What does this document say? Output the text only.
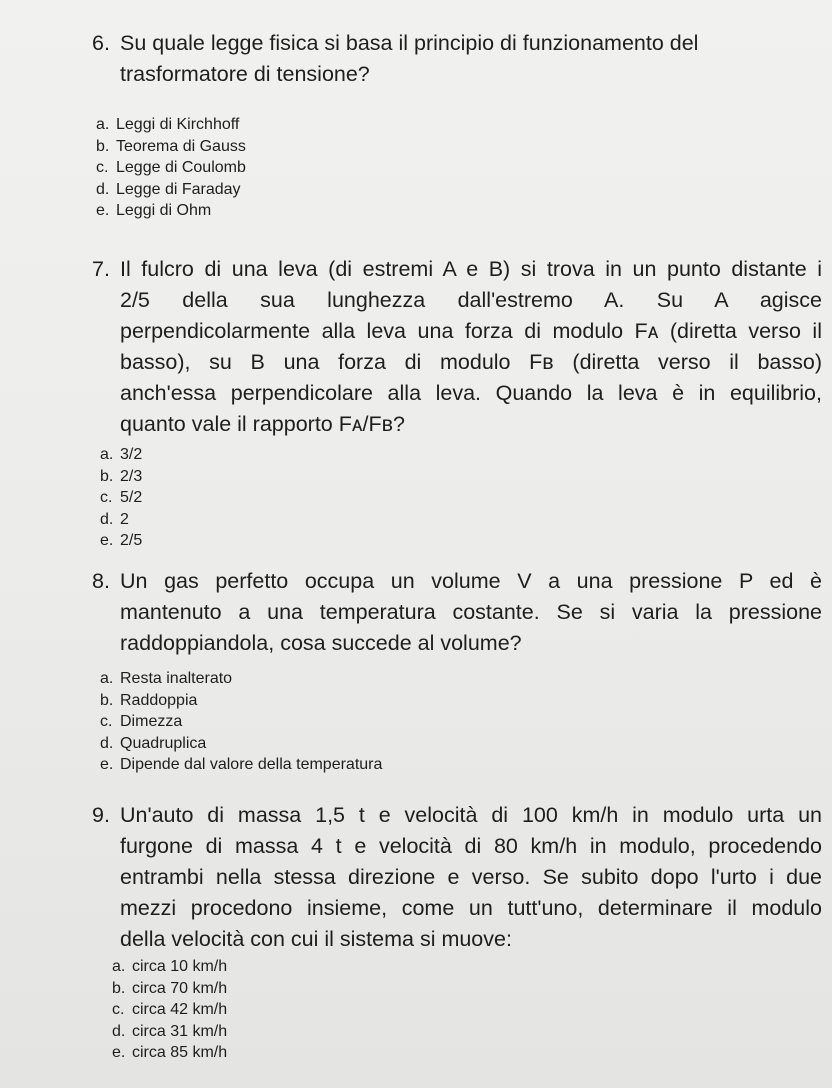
6. Su quale legge fisica si basa il principio di funzionamento del
trasformatore di tensione?
a. Leggi di Kirchhoff
b. Teorema di Gauss
c. Legge di Coulomb
d. Legge di Faraday
e. Leggi di Ohm
7. Il fulcro di una leva (di estremi A e B) si trova in un punto distante i
2/5 della sua lunghezza dall'estremo A. Su A agisce
perpendicolarmente alla leva una forza di modulo Fᴀ (diretta verso il
basso), su B una forza di modulo Fʙ (diretta verso il basso)
anch'essa perpendicolare alla leva. Quando la leva è in equilibrio,
quanto vale il rapporto Fᴀ/Fʙ?
a. 3/2
b. 2/3
c. 5/2
d. 2
e. 2/5
8. Un gas perfetto occupa un volume V a una pressione P ed è
mantenuto a una temperatura costante. Se si varia la pressione
raddoppiandola, cosa succede al volume?
a. Resta inalterato
b. Raddoppia
c. Dimezza
d. Quadruplica
e. Dipende dal valore della temperatura
9. Un'auto di massa 1,5 t e velocità di 100 km/h in modulo urta un
furgone di massa 4 t e velocità di 80 km/h in modulo, procedendo
entrambi nella stessa direzione e verso. Se subito dopo l'urto i due
mezzi procedono insieme, come un tutt'uno, determinare il modulo
della velocità con cui il sistema si muove:
a. circa 10 km/h
b. circa 70 km/h
c. circa 42 km/h
d. circa 31 km/h
e. circa 85 km/h
